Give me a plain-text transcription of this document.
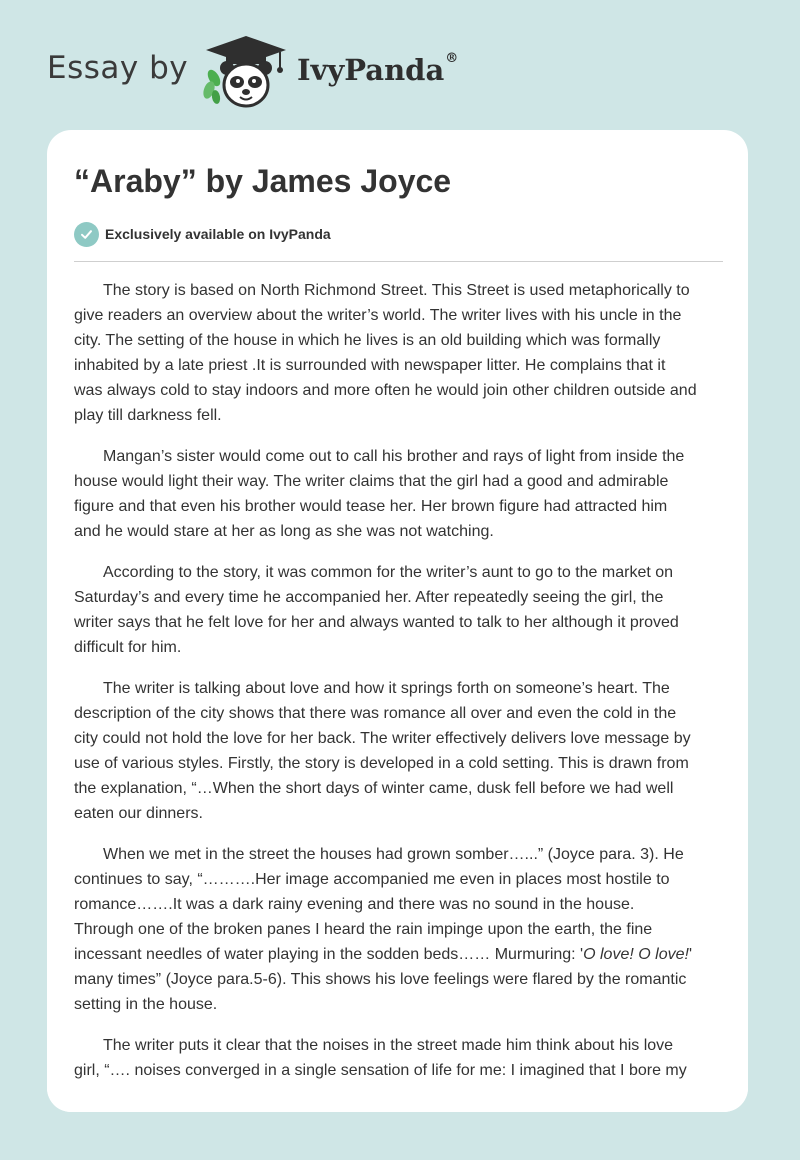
Essay by	IvyPanda®
“Araby” by James Joyce
Exclusively available on IvyPanda

The story is based on North Richmond Street. This Street is used metaphorically to
give readers an overview about the writer’s world. The writer lives with his uncle in the
city. The setting of the house in which he lives is an old building which was formally
inhabited by a late priest .It is surrounded with newspaper litter. He complains that it
was always cold to stay indoors and more often he would join other children outside and
play till darkness fell.

Mangan’s sister would come out to call his brother and rays of light from inside the
house would light their way. The writer claims that the girl had a good and admirable
figure and that even his brother would tease her. Her brown figure had attracted him
and he would stare at her as long as she was not watching.

According to the story, it was common for the writer’s aunt to go to the market on
Saturday’s and every time he accompanied her. After repeatedly seeing the girl, the
writer says that he felt love for her and always wanted to talk to her although it proved
difficult for him.

The writer is talking about love and how it springs forth on someone’s heart. The
description of the city shows that there was romance all over and even the cold in the
city could not hold the love for her back. The writer effectively delivers love message by
use of various styles. Firstly, the story is developed in a cold setting. This is drawn from
the explanation, “…When the short days of winter came, dusk fell before we had well
eaten our dinners.

When we met in the street the houses had grown somber…...” (Joyce para. 3). He
continues to say, “……….Her image accompanied me even in places most hostile to
romance…….It was a dark rainy evening and there was no sound in the house.
Through one of the broken panes I heard the rain impinge upon the earth, the fine
incessant needles of water playing in the sodden beds…… Murmuring: 'O love! O love!'
many times” (Joyce para.5-6). This shows his love feelings were flared by the romantic
setting in the house.

The writer puts it clear that the noises in the street made him think about his love
girl, “…. noises converged in a single sensation of life for me: I imagined that I bore my
